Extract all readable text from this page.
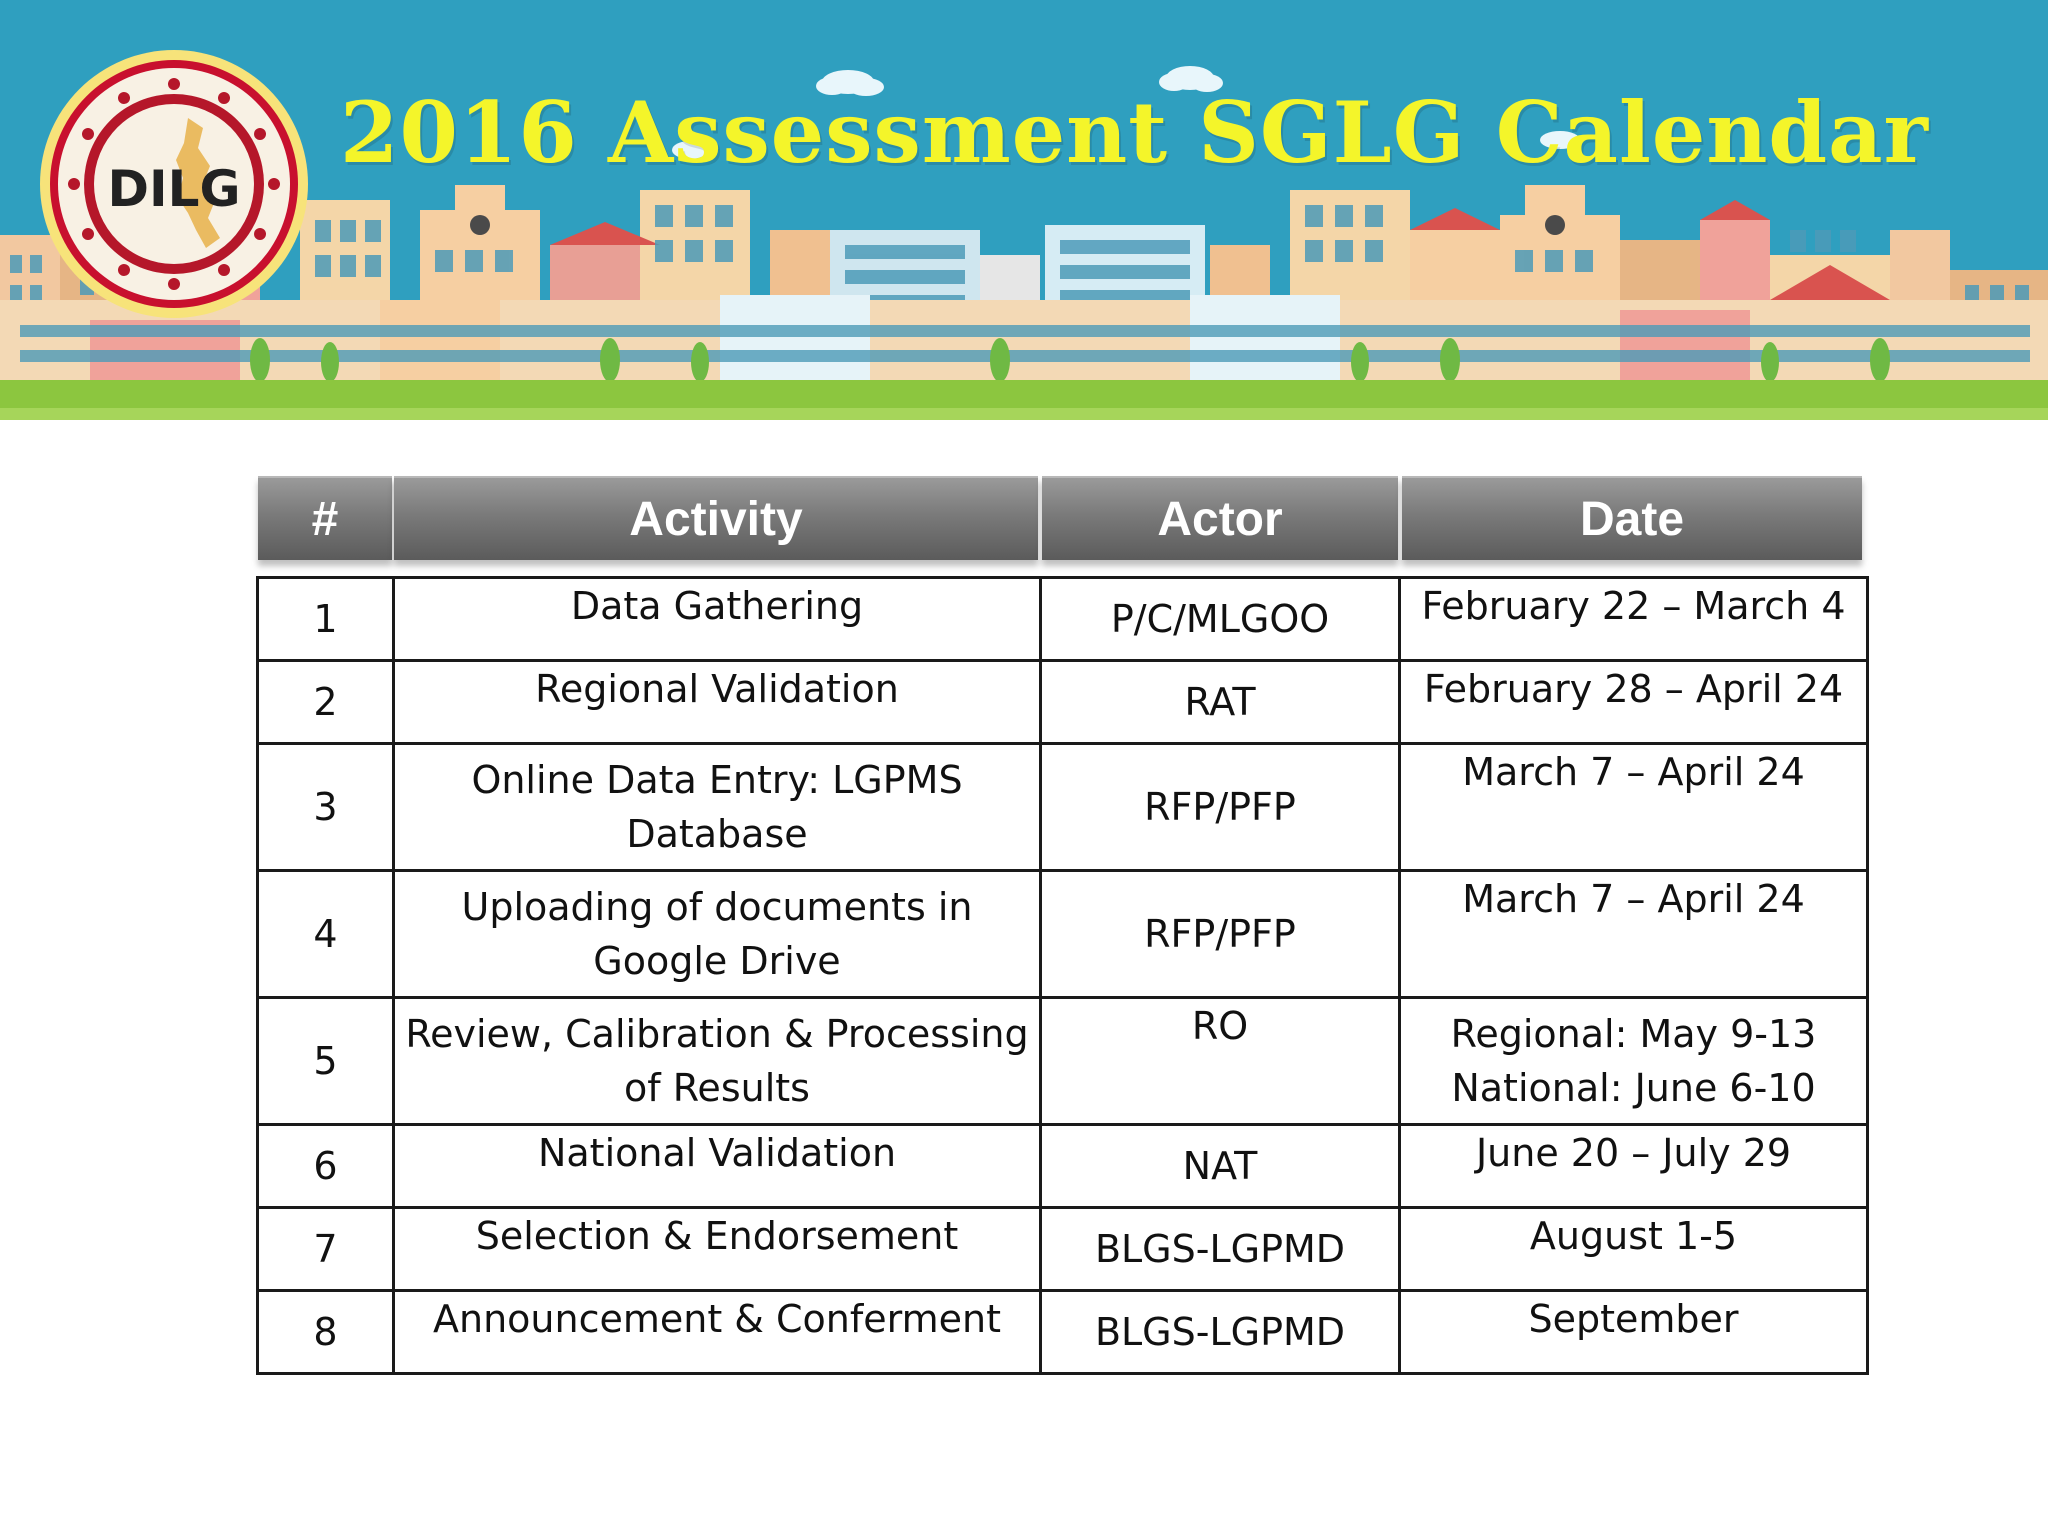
DILG
2016 Assessment SGLG Calendar
#	Activity	Actor	Date
1	Data Gathering	P/C/MLGOO	February 22 – March 4

2	Regional Validation	RAT	February 28 – April 24

3	Online Data Entry: LGPMS
Database	RFP/PFP	March 7 – April 24

4	Uploading of documents in
Google Drive	RFP/PFP	March 7 – April 24

5	Review, Calibration & Processing
of Results	RO	Regional: May 9-13
National: June 6-10

6	National Validation	NAT	June 20 – July 29

7	Selection & Endorsement	BLGS-LGPMD	August 1-5

8	Announcement & Conferment	BLGS-LGPMD	September
